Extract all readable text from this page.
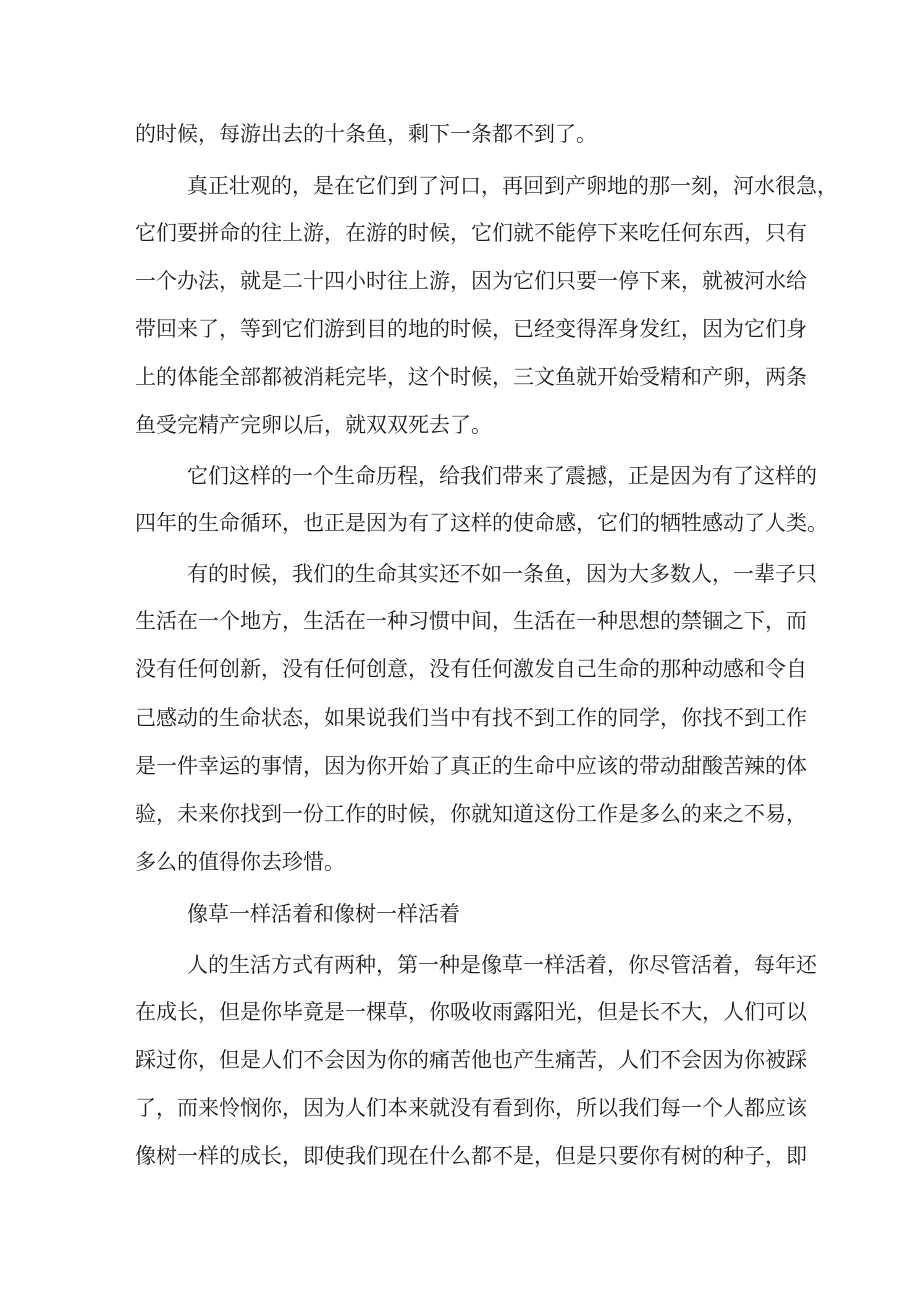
的时候，每游出去的十条鱼，剩下一条都不到了。
真正壮观的，是在它们到了河口，再回到产卵地的那一刻，河水很急，
它们要拼命的往上游，在游的时候，它们就不能停下来吃任何东西，只有
一个办法，就是二十四小时往上游，因为它们只要一停下来，就被河水给
带回来了，等到它们游到目的地的时候，已经变得浑身发红，因为它们身
上的体能全部都被消耗完毕，这个时候，三文鱼就开始受精和产卵，两条
鱼受完精产完卵以后，就双双死去了。
它们这样的一个生命历程，给我们带来了震撼，正是因为有了这样的
四年的生命循环，也正是因为有了这样的使命感，它们的牺牲感动了人类。
有的时候，我们的生命其实还不如一条鱼，因为大多数人，一辈子只
生活在一个地方，生活在一种习惯中间，生活在一种思想的禁锢之下，而
没有任何创新，没有任何创意，没有任何激发自己生命的那种动感和令自
己感动的生命状态，如果说我们当中有找不到工作的同学，你找不到工作
是一件幸运的事情，因为你开始了真正的生命中应该的带动甜酸苦辣的体
验，未来你找到一份工作的时候，你就知道这份工作是多么的来之不易，
多么的值得你去珍惜。
像草一样活着和像树一样活着
人的生活方式有两种，第一种是像草一样活着，你尽管活着，每年还
在成长，但是你毕竟是一棵草，你吸收雨露阳光，但是长不大，人们可以
踩过你，但是人们不会因为你的痛苦他也产生痛苦，人们不会因为你被踩
了，而来怜悯你，因为人们本来就没有看到你，所以我们每一个人都应该
像树一样的成长，即使我们现在什么都不是，但是只要你有树的种子，即
